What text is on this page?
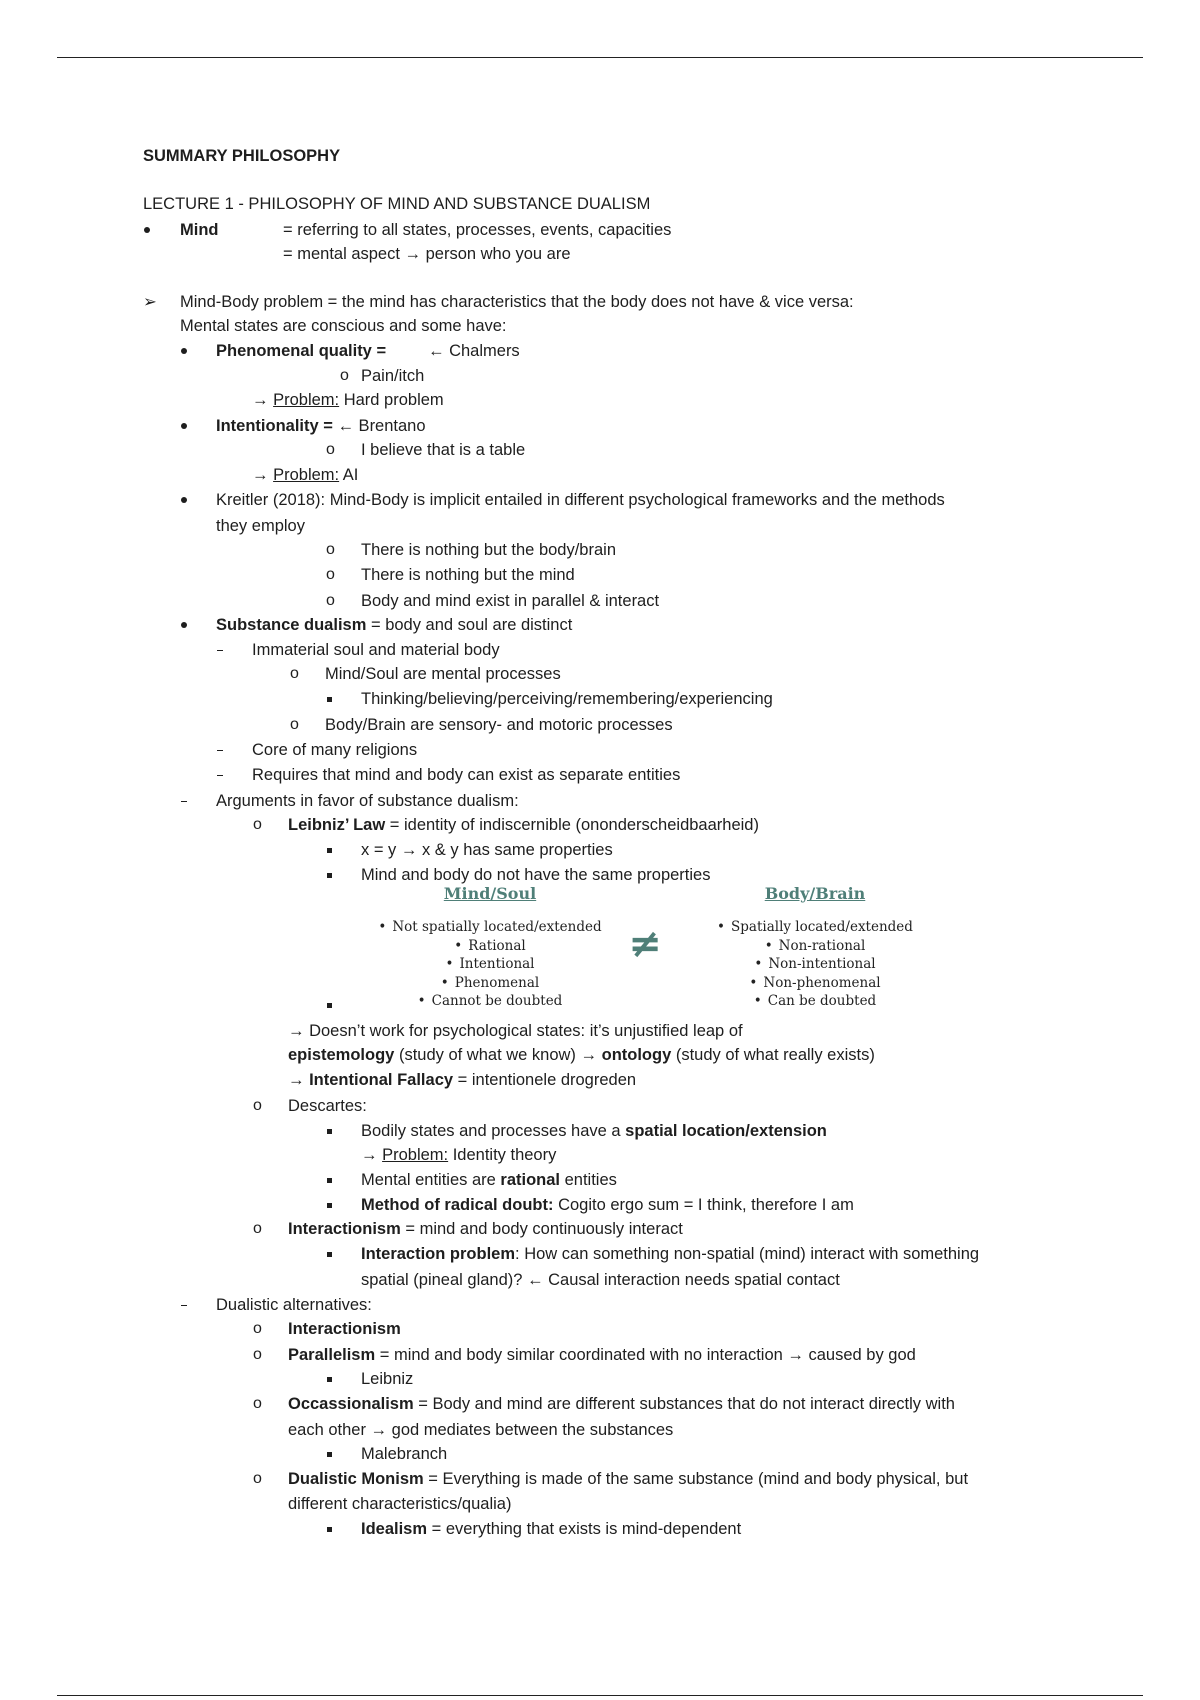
SUMMARY PHILOSOPHY
LECTURE 1 - PHILOSOPHY OF MIND AND SUBSTANCE DUALISM
Mind	= referring to all states, processes, events, capacities
= mental aspect → person who you are
➢ Mind-Body problem = the mind has characteristics that the body does not have & vice versa:
Mental states are conscious and some have:
Phenomenal quality =	← Chalmers
o Pain/itch
→ Problem: Hard problem
Intentionality = ← Brentano
o I believe that is a table
→ Problem: AI
Kreitler (2018): Mind-Body is implicit entailed in different psychological frameworks and the methods
they employ
o There is nothing but the body/brain
o There is nothing but the mind
o Body and mind exist in parallel & interact
Substance dualism = body and soul are distinct
Immaterial soul and material body
o Mind/Soul are mental processes
Thinking/believing/perceiving/remembering/experiencing
o Body/Brain are sensory- and motoric processes
Core of many religions
Requires that mind and body can exist as separate entities
Arguments in favor of substance dualism:
o Leibniz’ Law = identity of indiscernible (ononderscheidbaarheid)
x = y → x & y has same properties
Mind and body do not have the same properties
Mind/Soul
• Not spatially located/extended
• Rational
• Intentional
• Phenomenal
• Cannot be doubted
≠
Body/Brain
• Spatially located/extended
• Non-rational
• Non-intentional
• Non-phenomenal
• Can be doubted
→ Doesn’t work for psychological states: it’s unjustified leap of
epistemology (study of what we know) → ontology (study of what really exists)
→ Intentional Fallacy = intentionele drogreden
o Descartes:
Bodily states and processes have a spatial location/extension
→ Problem: Identity theory
Mental entities are rational entities
Method of radical doubt: Cogito ergo sum = I think, therefore I am
o Interactionism = mind and body continuously interact
Interaction problem: How can something non-spatial (mind) interact with something
spatial (pineal gland)? ← Causal interaction needs spatial contact
Dualistic alternatives:
o Interactionism
o Parallelism = mind and body similar coordinated with no interaction → caused by god
Leibniz
o Occassionalism = Body and mind are different substances that do not interact directly with
each other → god mediates between the substances
Malebranch
o Dualistic Monism = Everything is made of the same substance (mind and body physical, but
different characteristics/qualia)
Idealism = everything that exists is mind-dependent
